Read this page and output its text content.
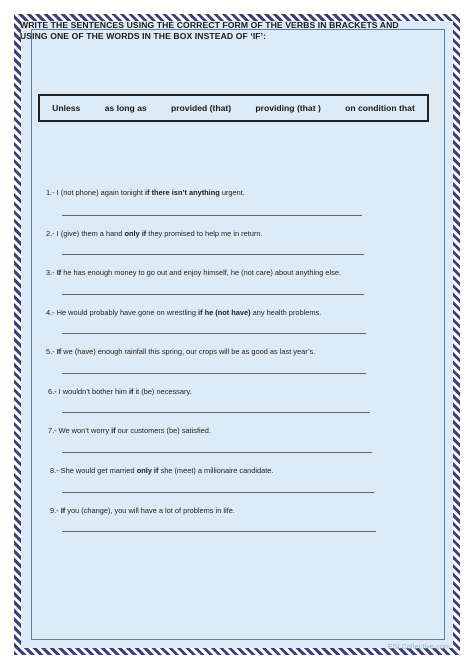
WRITE THE SENTENCES USING THE CORRECT FORM OF THE VERBS IN BRACKETS AND USING ONE OF THE WORDS IN THE BOX INSTEAD OF ‘IF’:

Unless	as long as	provided (that)	providing (that )	on condition that

1.- I (not phone) again tonight if there isn’t anything urgent.

2.- I (give) them a hand only if they promised to help me in return.

3.- If he has enough money to go out and enjoy himself, he (not care) about anything else.

4.- He would probably have gone on wrestling if he (not have) any health problems.

5.- If we (have) enough rainfall this spring, our crops will be as good as last year’s.

6.- I wouldn’t bother him if it (be) necessary.

7.- We won’t worry if our customers (be) satisfied.

8.- She would get married only if she (meet) a millionaire candidate.

9.- If you (change), you will have a lot of problems in life.

ESLCollective.com
